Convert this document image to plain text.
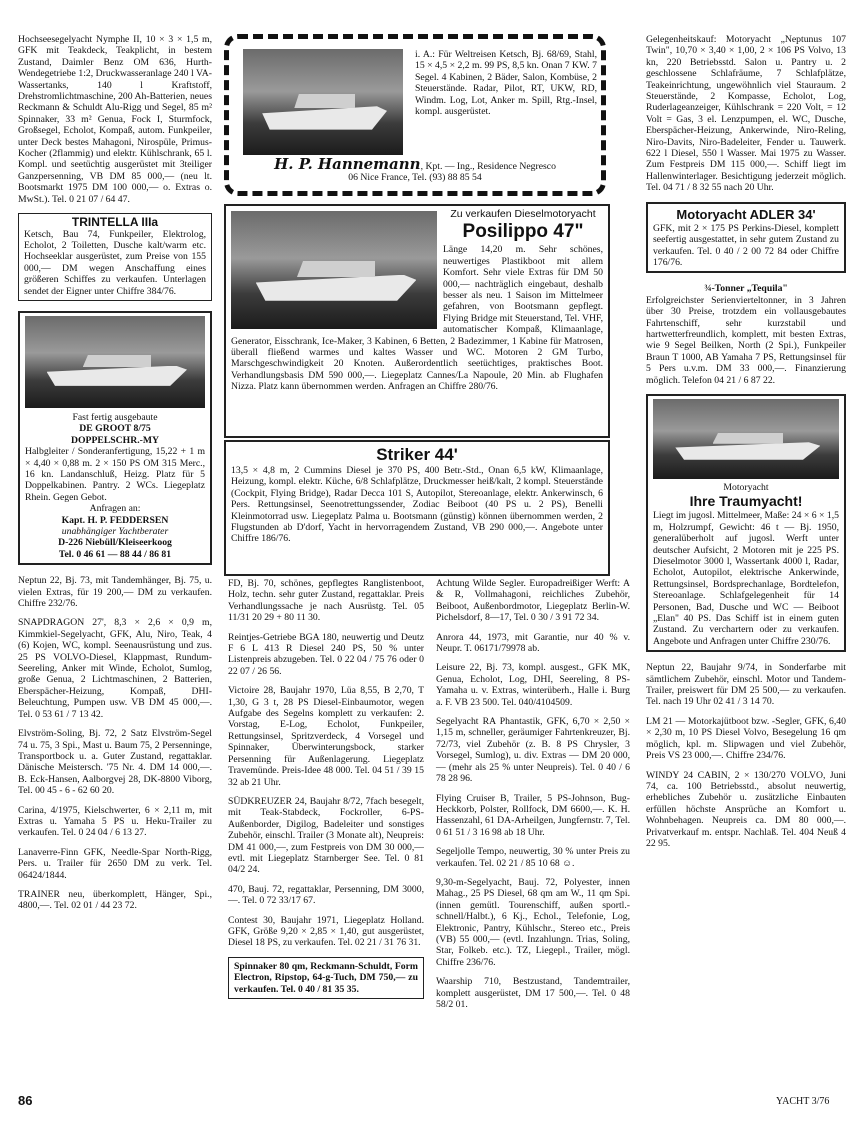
Hochseesegelyacht Nymphe II, 10 × 3 × 1,5 m, GFK mit Teakdeck, Teakplicht, in bestem Zustand, Daimler Benz OM 636, Hurth-Wendegetriebe 1:2, Druckwasseranlage 240 l VA-Wassertanks, 140 l Kraftstoff, Drehstromlichtmaschine, 200 Ah-Batterien, neues Reckmann & Schuldt Alu-Rigg und Segel, 85 m² Spinnaker, 33 m² Genua, Fock I, Sturmfock, Großsegel, Echolot, Kompaß, autom. Funkpeiler, unter Deck bestes Mahagoni, Nirospüle, Primus-Kocher (2flammig) und elektr. Kühlschrank, 65 l. Kompl. und seetüchtig ausgerüstet mit 3teiliger Ganzpersenning, VB DM 85 000,— (neu lt. Bootsmarkt 1975 DM 100 000,— o. Extras o. MwSt.). Tel. 0 21 07 / 64 47.
TRINTELLA IIIa
Ketsch, Bau 74, Funkpeiler, Elektrolog, Echolot, 2 Toiletten, Dusche kalt/warm etc. Hochseeklar ausgerüstet, zum Preise von 155 000,— DM wegen Anschaffung eines größeren Schiffes zu verkaufen. Unterlagen sendet der Eigner unter Chiffre 384/76.
Fast fertig ausgebaute
DE GROOT 8/75
DOPPELSCHR.-MY
Halbgleiter / Sonderanfertigung, 15,22 + 1 m × 4,40 × 0,88 m. 2 × 150 PS OM 315 Merc., 16 kn. Landanschluß, Heizg. Platz für 5 Doppelkabinen. Pantry. 2 WCs. Liegeplatz Rhein. Gegen Gebot.
Anfragen an:
Kapt. H. P. FEDDERSEN
unabhängiger Yachtberater
D-226 Niebüll/Kleiseerkoog
Tel. 0 46 61 — 88 44 / 86 81
Neptun 22, Bj. 73, mit Tandemhänger, Bj. 75, u. vielen Extras, für 19 200,— DM zu verkaufen. Chiffre 232/76.
SNAPDRAGON 27', 8,3 × 2,6 × 0,9 m, Kimmkiel-Segelyacht, GFK, Alu, Niro, Teak, 4 (6) Kojen, WC, kompl. Seenausrüstung und zus. 25 PS VOLVO-Diesel, Klappmast, Rundum-Seereling, Anker mit Winde, Echolot, Sumlog, große Genua, 2 Lichtmaschinen, 2 Batterien, Eberspächer-Heizung, Kompaß, DHI-Beleuchtung, Pumpen usw. VB DM 45 000,—. Tel. 0 53 61 / 7 13 42.
Elvström-Soling, Bj. 72, 2 Satz Elvström-Segel 74 u. 75, 3 Spi., Mast u. Baum 75, 2 Persenninge, Transportbock u. a. Guter Zustand, regattaklar. Dänische Meistersch. '75 Nr. 4. DM 14 000,—. B. Eck-Hansen, Aalborgvej 28, DK-8800 Viborg, Tel. 00 45 - 6 - 62 60 20.
Carina, 4/1975, Kielschwerter, 6 × 2,11 m, mit Extras u. Yamaha 5 PS u. Heku-Trailer zu verkaufen. Tel. 0 24 04 / 6 13 27.
Lanaverre-Finn GFK, Needle-Spar North-Rigg, Pers. u. Trailer für 2650 DM zu verk. Tel. 06424/1844.
TRAINER neu, überkomplett, Hänger, Spi., 4800,—. Tel. 02 01 / 44 23 72.
i. A.: Für Weltreisen Ketsch, Bj. 68/69, Stahl, 15 × 4,5 × 2,2 m. 99 PS, 8,5 kn. Onan 7 KW. 7 Segel. 4 Kabinen, 2 Bäder, Salon, Kombüse, 2 Steuerstände. Radar, Pilot, RT, UKW, RD, Windm. Log, Lot, Anker m. Spill, Rtg.-Insel, kompl. ausgerüstet.
H. P. Hannemann, Kpt. — Ing., Residence Negresco
06 Nice France, Tel. (93) 88 85 54
Zu verkaufen Dieselmotoryacht
Posilippo 47"
Länge 14,20 m. Sehr schönes, neuwertiges Plastikboot mit allem Komfort. Sehr viele Extras für DM 50 000,— nachträglich eingebaut, deshalb besser als neu. 1 Saison im Mittelmeer gefahren, von Bootsmann gepflegt. Flying Bridge mit Steuerstand, Tel. VHF, automatischer Kompaß, Klimaanlage, Generator, Eisschrank, Ice-Maker, 3 Kabinen, 6 Betten, 2 Badezimmer, 1 Kabine für Matrosen, überall fließend warmes und kaltes Wasser und WC. Motoren 2 GM Turbo, Marschgeschwindigkeit 20 Knoten. Außerordentlich seetüchtiges, praktisches Boot. Verhandlungsbasis DM 590 000,—. Liegeplatz Cannes/La Napoule, 20 Min. ab Flughafen Nizza. Platz kann übernommen werden. Anfragen an Chiffre 280/76.
Striker 44'
13,5 × 4,8 m, 2 Cummins Diesel je 370 PS, 400 Betr.-Std., Onan 6,5 kW, Klimaanlage, Heizung, kompl. elektr. Küche, 6/8 Schlafplätze, Druckmesser heiß/kalt, 2 kompl. Steuerstände (Cockpit, Flying Bridge), Radar Decca 101 S, Autopilot, Stereoanlage, elektr. Ankerwinsch, 6 Pers. Rettungsinsel, Seenotrettungssender, Zodiac Beiboot (40 PS u. 2 PS), Benelli Kleinmotorrad usw. Liegeplatz Palma u. Bootsmann (günstig) können übernommen werden, 2 Flugstunden ab D'dorf, Yacht in hervorragendem Zustand, VB 290 000,—. Angebote unter Chiffre 186/76.
FD, Bj. 70, schönes, gepflegtes Ranglistenboot, Holz, techn. sehr guter Zustand, regattaklar. Preis Verhandlungssache je nach Ausrüstg. Tel. 05 11/31 20 29 + 80 11 30.
Reintjes-Getriebe BGA 180, neuwertig und Deutz F 6 L 413 R Diesel 240 PS, 50 % unter Listenpreis abzugeben. Tel. 0 22 04 / 75 76 oder 0 22 07 / 26 56.
Victoire 28, Baujahr 1970, Lüa 8,55, B 2,70, T 1,30, G 3 t, 28 PS Diesel-Einbaumotor, wegen Aufgabe des Segelns komplett zu verkaufen: 2. Vorstag, E-Log, Echolot, Funkpeiler, Rettungsinsel, Spritzverdeck, 4 Vorsegel und Spinnaker, Überwinterungsbock, starker Persenning für Außenlagerung. Liegeplatz Travemünde. Preis-Idee 48 000. Tel. 04 51 / 39 15 32 ab 21 Uhr.
SÜDKREUZER 24, Baujahr 8/72, 7fach besegelt, mit Teak-Stabdeck, Fockroller, 6-PS-Außenborder, Digilog, Badeleiter und sonstiges Zubehör, einschl. Trailer (3 Monate alt), Neupreis: DM 41 000,—, zum Festpreis von DM 30 000,— evtl. mit Liegeplatz Starnberger See. Tel. 0 81 04/2 24.
470, Bauj. 72, regattaklar, Persenning, DM 3000,—. Tel. 0 72 33/17 67.
Contest 30, Baujahr 1971, Liegeplatz Holland. GFK, Größe 9,20 × 2,85 × 1,40, gut ausgerüstet, Diesel 18 PS, zu verkaufen. Tel. 02 21 / 31 76 31.
Spinnaker 80 qm, Reckmann-Schuldt, Form Electron, Ripstop, 64-g-Tuch, DM 750,— zu verkaufen. Tel. 0 40 / 81 35 35.
Achtung Wilde Segler. Europadreißiger Werft: A & R, Vollmahagoni, reichliches Zubehör, Beiboot, Außenbordmotor, Liegeplatz Berlin-W. Pichelsdorf, 8—17, Tel. 0 30 / 3 91 72 34.
Anrora 44, 1973, mit Garantie, nur 40 % v. Neupr. T. 06171/79978 ab.
Leisure 22, Bj. 73, kompl. ausgest., GFK MK, Genua, Echolot, Log, DHI, Seereling, 8 PS-Yamaha u. v. Extras, winterüberh., Halle i. Burg a. F. VB 23 500. Tel. 040/4104509.
Segelyacht RA Phantastik, GFK, 6,70 × 2,50 × 1,15 m, schneller, geräumiger Fahrtenkreuzer, Bj. 72/73, viel Zubehör (z. B. 8 PS Chrysler, 3 Vorsegel, Sumlog), u. div. Extras — DM 20 000,— (mehr als 25 % unter Neupreis). Tel. 0 40 / 6 78 28 96.
Flying Cruiser B, Trailer, 5 PS-Johnson, Bug-Heckkorb, Polster, Rollfock, DM 6600,—. K. H. Hassenzahl, 61 DA-Arheilgen, Jungfernstr. 7, Tel. 0 61 51 / 3 16 98 ab 18 Uhr.
Segeljolle Tempo, neuwertig, 30 % unter Preis zu verkaufen. Tel. 02 21 / 85 10 68 ☺.
9,30-m-Segelyacht, Bauj. 72, Polyester, innen Mahag., 25 PS Diesel, 68 qm am W., 11 qm Spi. (innen gemütl. Tourenschiff, außen sportl.-schnell/Halbt.), 6 Kj., Echol., Telefonie, Log, Elektronic, Pantry, Kühlschr., Stereo etc., Preis (VB) 55 000,— (evtl. Inzahlungn. Trias, Soling, Star, Folkeb. etc.). TZ, Liegepl., Trailer, mögl. Chiffre 236/76.
Waarship 710, Bestzustand, Tandemtrailer, komplett ausgerüstet, DM 17 500,—. Tel. 0 48 58/2 01.
Gelegenheitskauf: Motoryacht „Neptunus 107 Twin", 10,70 × 3,40 × 1,00, 2 × 106 PS Volvo, 13 kn, 220 Betriebsstd. Salon u. Pantry u. 2 geschlossene Schlafräume, 7 Schlafplätze, Teakeinrichtung, ungewöhnlich viel Stauraum. 2 Steuerstände, 2 Kompasse, Echolot, Log, Ruderlageanzeiger, Kühlschrank = 220 Volt, = 12 Volt = Gas, 3 el. Lenzpumpen, el. WC, Dusche, Eberspächer-Heizung, Ankerwinde, Niro-Reling, Niro-Davits, Niro-Badeleiter, Fender u. Tauwerk. 622 l Diesel, 550 l Wasser. Mai 1975 zu Wasser. Zum Festpreis DM 115 000,—. Schiff liegt im Hallenwinterlager. Besichtigung jederzeit möglich. Tel. 04 71 / 8 32 55 nach 20 Uhr.
Motoryacht ADLER 34'
GFK, mit 2 × 175 PS Perkins-Diesel, komplett seefertig ausgestattet, in sehr gutem Zustand zu verkaufen. Tel. 0 40 / 2 00 72 84 oder Chiffre 176/76.
¾-Tonner „Tequila"
Erfolgreichster Serienvierteltonner, in 3 Jahren über 30 Preise, trotzdem ein vollausgebautes Fahrtenschiff, sehr kurzstabil und hartwetterfreundlich, komplett, mit besten Extras, wie 9 Segel Beilken, North (2 Spi.), Funkpeiler Braun T 1000, AB Yamaha 7 PS, Rettungsinsel für 5 Pers u.v.m. DM 33 000,—. Finanzierung möglich. Telefon 04 21 / 6 87 22.
Motoryacht
Ihre Traumyacht!
Liegt im jugosl. Mittelmeer, Maße: 24 × 6 × 1,5 m, Holzrumpf, Gewicht: 46 t — Bj. 1950, generalüberholt auf jugosl. Werft unter deutscher Aufsicht, 2 Motoren mit je 225 PS. Dieselmotor 3000 l, Wassertank 4000 l, Radar, Echolot, Autopilot, elektrische Ankerwinde, Rettungsinsel, Bordsprechanlage, Bordtelefon, Stereoanlage. Schlafgelegenheit für 14 Personen, Bad, Dusche und WC — Beiboot „Elan" 40 PS. Das Schiff ist in einem guten Zustand. Zu verchartern oder zu verkaufen. Angebote und Anfragen unter Chiffre 230/76.
Neptun 22, Baujahr 9/74, in Sonderfarbe mit sämtlichem Zubehör, einschl. Motor und Tandem-Trailer, preiswert für DM 25 500,— zu verkaufen. Tel. nach 19 Uhr 02 41 / 3 14 70.
LM 21 — Motorkajütboot bzw. -Segler, GFK, 6,40 × 2,30 m, 10 PS Diesel Volvo, Besegelung 16 qm möglich, kpl. m. Slipwagen und viel Zubehör, Preis VS 23 000,—. Chiffre 234/76.
WINDY 24 CABIN, 2 × 130/270 VOLVO, Juni 74, ca. 100 Betriebsstd., absolut neuwertig, erhebliches Zubehör u. zusätzliche Einbauten erfüllen höchste Ansprüche an Komfort u. Wohnbehagen. Neupreis ca. DM 80 000,—. Privatverkauf m. entspr. Nachlaß. Tel. 404 Neuß 4 22 95.
86	YACHT 3/76
